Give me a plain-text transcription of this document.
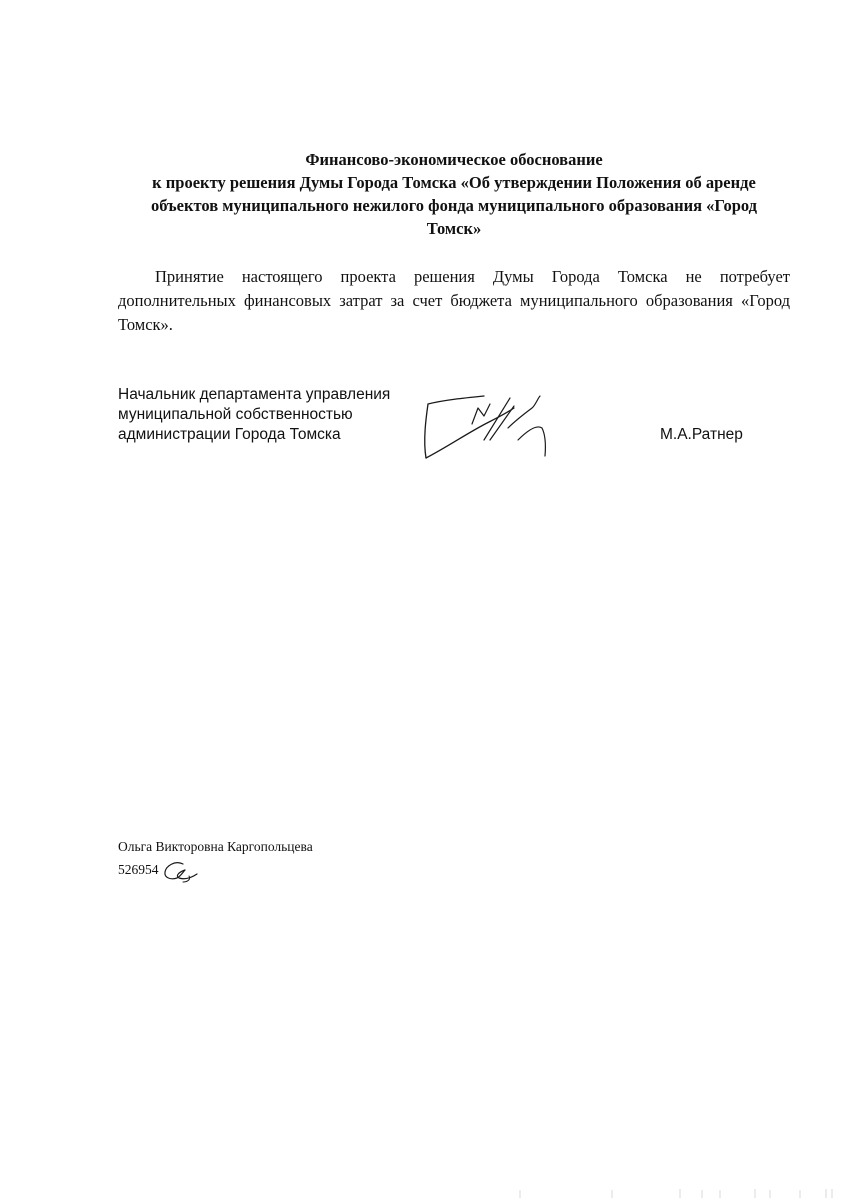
Финансово-экономическое обоснование
к проекту решения Думы Города Томска «Об утверждении Положения об аренде
объектов муниципального нежилого фонда муниципального образования «Город
Томск»
Принятие настоящего проекта решения Думы Города Томска не потребует дополнительных финансовых затрат за счет бюджета муниципального образования «Город Томск».
Начальник департамента управления
муниципальной собственностью
администрации Города Томска	М.А.Ратнер
Ольга Викторовна Каргопольцева
526954
